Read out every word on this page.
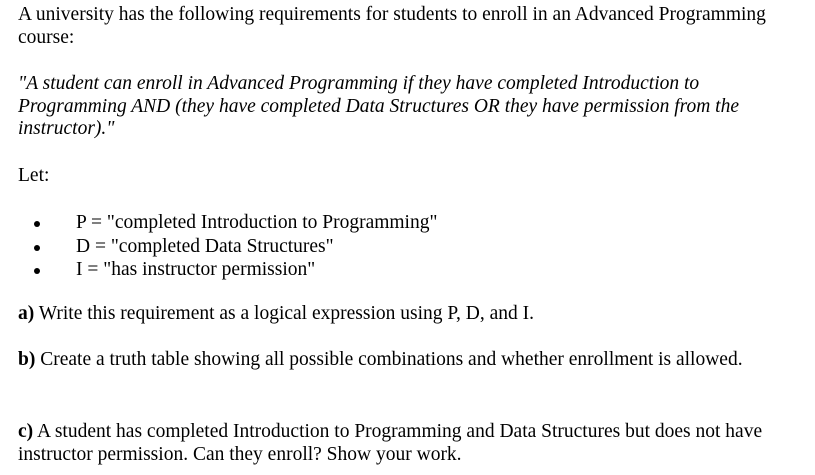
A university has the following requirements for students to enroll in an Advanced Programming
course:
"A student can enroll in Advanced Programming if they have completed Introduction to
Programming AND (they have completed Data Structures OR they have permission from the
instructor)."
Let:
P = "completed Introduction to Programming"
D = "completed Data Structures"
I = "has instructor permission"
a) Write this requirement as a logical expression using P, D, and I.
b) Create a truth table showing all possible combinations and whether enrollment is allowed.
c) A student has completed Introduction to Programming and Data Structures but does not have
instructor permission. Can they enroll? Show your work.
